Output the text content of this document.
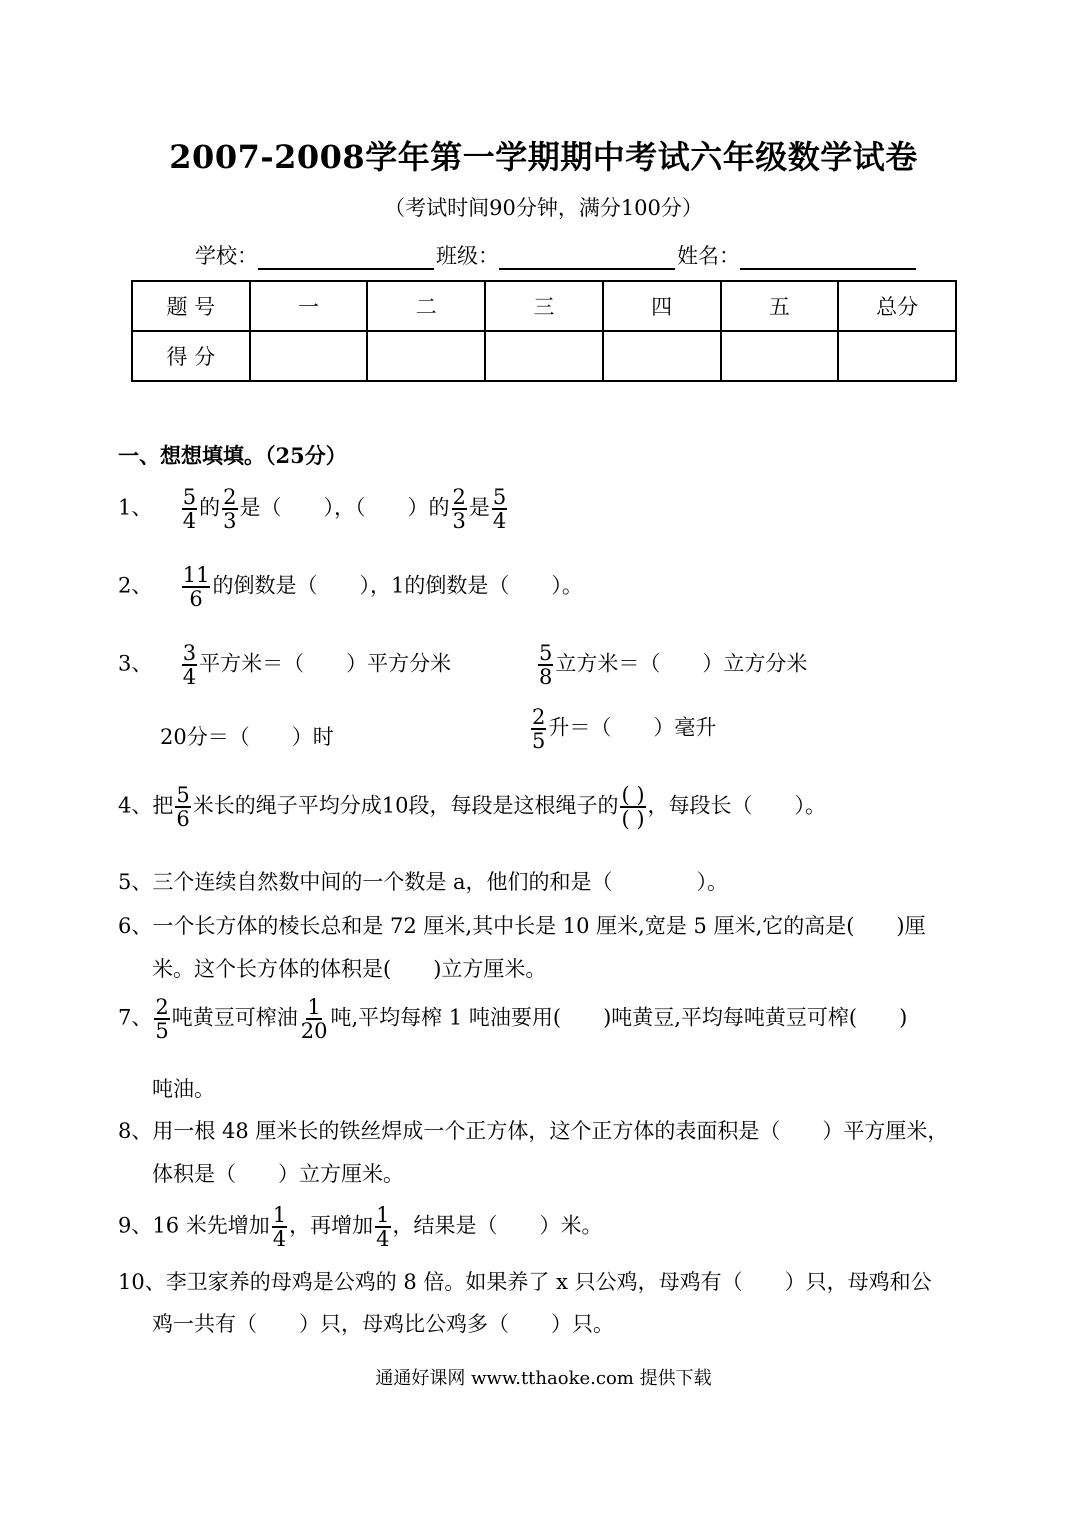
2007-2008学年第一学期期中考试六年级数学试卷
（考试时间90分钟，满分100分）
学校：	班级：	姓名：
题 号	一	二	三	四	五	总分
得 分						
一、想想填填。（25分）
1、 $\frac{5}{4}$ 的 $\frac{2}{3}$ 是（　　），（　　）的 $\frac{2}{3}$ 是 $\frac{5}{4}$
2、 $\frac{11}{6}$ 的倒数是（　　），1的倒数是（　　）。
3、 $\frac{3}{4}$ 平方米＝（　　）平方分米	$\frac{5}{8}$ 立方米＝（　　）立方分米
20分＝（　　）时	$\frac{2}{5}$ 升＝（　　）毫升
4、把 $\frac{5}{6}$ 米长的绳子平均分成10段，每段是这根绳子的 $\frac{( )}{( )}$ ，每段长（　　）。
5、三个连续自然数中间的一个数是 a，他们的和是（　　　　）。
6、一个长方体的棱长总和是 72 厘米,其中长是 10 厘米,宽是 5 厘米,它的高是(　　)厘
米。这个长方体的体积是(　　)立方厘米。
7、 $\frac{2}{5}$ 吨黄豆可榨油 $\frac{1}{20}$ 吨,平均每榨 1 吨油要用(　　)吨黄豆,平均每吨黄豆可榨(　　)
吨油。
8、用一根 48 厘米长的铁丝焊成一个正方体，这个正方体的表面积是（　　）平方厘米，
体积是（　　）立方厘米。
9、16 米先增加 $\frac{1}{4}$ ，再增加 $\frac{1}{4}$ ，结果是（　　）米。
10、李卫家养的母鸡是公鸡的 8 倍。如果养了 x 只公鸡，母鸡有（　　）只，母鸡和公
鸡一共有（　　）只，母鸡比公鸡多（　　）只。
通通好课网 www.tthaoke.com 提供下载
